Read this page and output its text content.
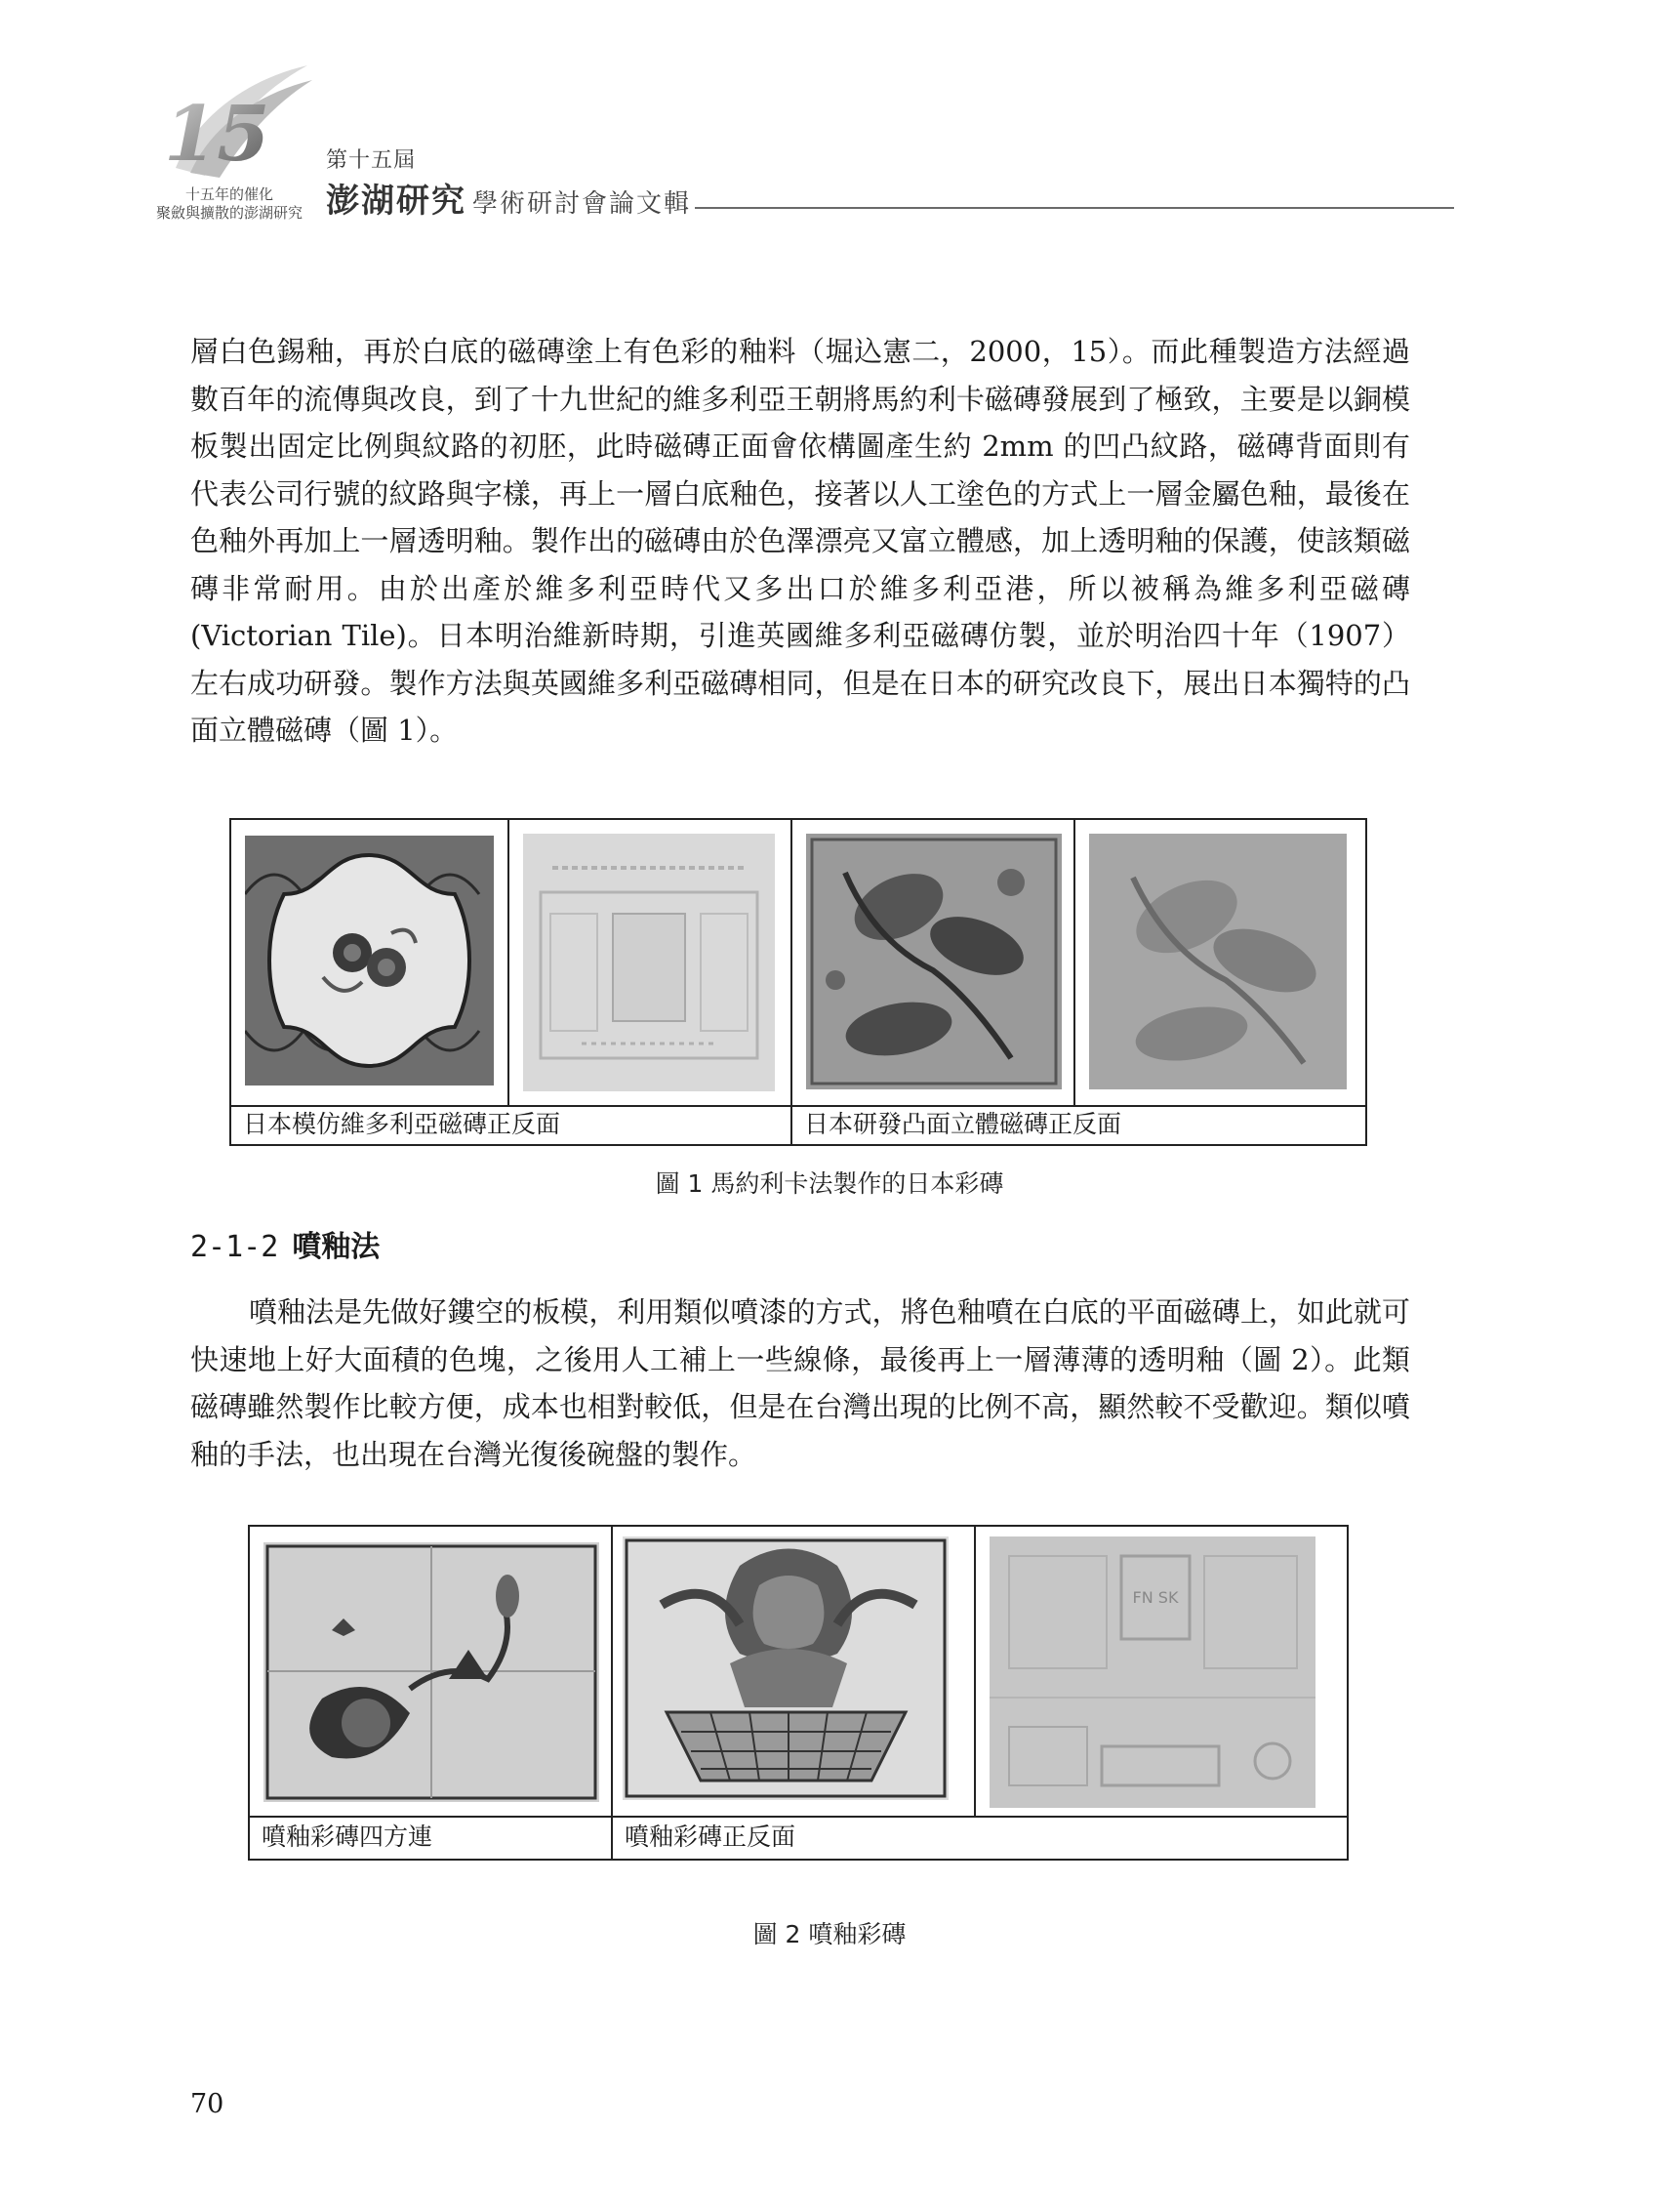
15
十五年的催化
聚斂與擴散的澎湖研究
第十五屆
澎湖研究 學術研討會論文輯
層白色錫釉，再於白底的磁磚塗上有色彩的釉料（堀込憲二，2000，15）。而此種製造方法經過數百年的流傳與改良，到了十九世紀的維多利亞王朝將馬約利卡磁磚發展到了極致，主要是以銅模板製出固定比例與紋路的初胚，此時磁磚正面會依構圖產生約 2mm 的凹凸紋路，磁磚背面則有代表公司行號的紋路與字樣，再上一層白底釉色，接著以人工塗色的方式上一層金屬色釉，最後在色釉外再加上一層透明釉。製作出的磁磚由於色澤漂亮又富立體感，加上透明釉的保護，使該類磁磚非常耐用。由於出產於維多利亞時代又多出口於維多利亞港，所以被稱為維多利亞磁磚(Victorian Tile)。日本明治維新時期，引進英國維多利亞磁磚仿製，並於明治四十年（1907）左右成功研發。製作方法與英國維多利亞磁磚相同，但是在日本的研究改良下，展出日本獨特的凸面立體磁磚（圖 1）。
日本模仿維多利亞磁磚正反面	日本研發凸面立體磁磚正反面
圖 1 馬約利卡法製作的日本彩磚
2-1-2 噴釉法
噴釉法是先做好鏤空的板模，利用類似噴漆的方式，將色釉噴在白底的平面磁磚上，如此就可快速地上好大面積的色塊，之後用人工補上一些線條，最後再上一層薄薄的透明釉（圖 2）。此類磁磚雖然製作比較方便，成本也相對較低，但是在台灣出現的比例不高，顯然較不受歡迎。類似噴釉的手法，也出現在台灣光復後碗盤的製作。
FN SK
噴釉彩磚四方連	噴釉彩磚正反面
圖 2 噴釉彩磚
70
